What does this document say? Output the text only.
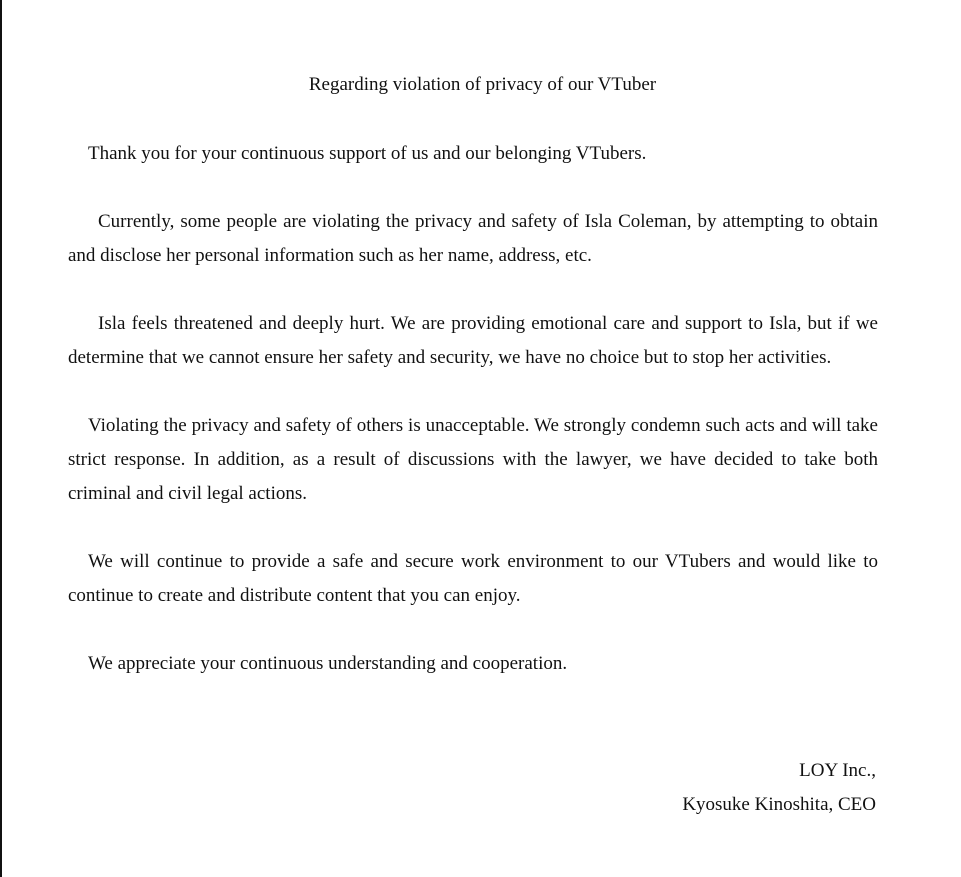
Regarding violation of privacy of our VTuber

Thank you for your continuous support of us and our belonging VTubers.

Currently, some people are violating the privacy and safety of Isla Coleman, by attempting to obtain and disclose her personal information such as her name, address, etc.

Isla feels threatened and deeply hurt. We are providing emotional care and support to Isla, but if we determine that we cannot ensure her safety and security, we have no choice but to stop her activities.

Violating the privacy and safety of others is unacceptable. We strongly condemn such acts and will take strict response. In addition, as a result of discussions with the lawyer, we have decided to take both criminal and civil legal actions.

We will continue to provide a safe and secure work environment to our VTubers and would like to continue to create and distribute content that you can enjoy.

We appreciate your continuous understanding and cooperation.

LOY Inc.,
Kyosuke Kinoshita, CEO
